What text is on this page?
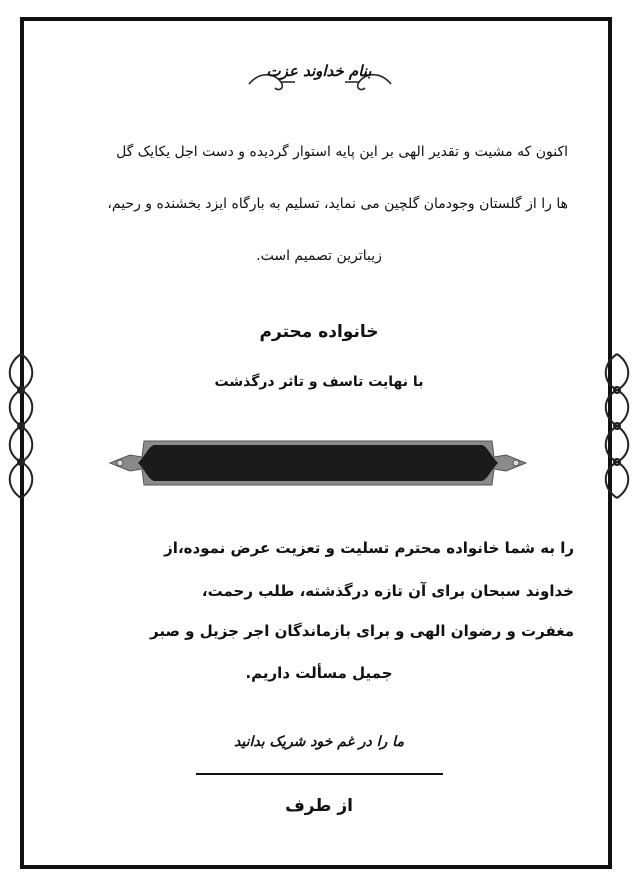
بنام خداوند عزت
اکنون که مشیت و تقدیر الهی بر این پایه استوار گردیده و دست اجل یکایک گل
ها را از گلستان وجودمان گلچین می نماید، تسلیم به بارگاه ایزد بخشنده و رحیم،
زیباترین تصمیم است.
خانواده محترم
با نهایت تاسف و تاثر درگذشت
را به شما خانواده محترم تسلیت و تعزیت عرض نموده،از
خداوند سبحان برای آن تازه درگذشته، طلب رحمت،
مغفرت و رضوان الهی و برای بازماندگان اجر جزیل و صبر
جمیل مسألت داریم.
ما را در غم خود شریک بدانید
از طرف
